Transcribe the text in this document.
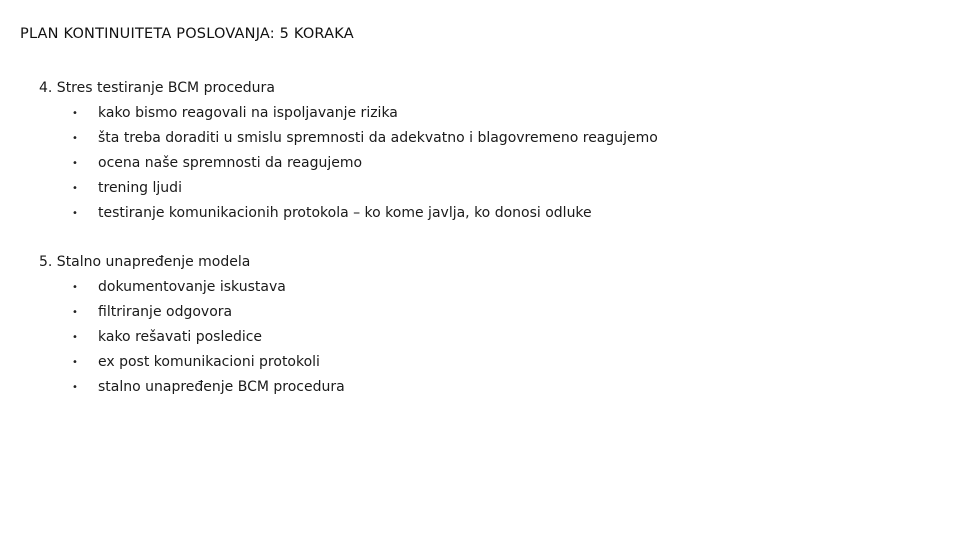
PLAN KONTINUITETA POSLOVANJA: 5 KORAKA
4. Stres testiranje BCM procedura
• kako bismo reagovali na ispoljavanje rizika
• šta treba doraditi u smislu spremnosti da adekvatno i blagovremeno reagujemo
• ocena naše spremnosti da reagujemo
• trening ljudi
• testiranje komunikacionih protokola – ko kome javlja, ko donosi odluke
5. Stalno unapređenje modela
• dokumentovanje iskustava
• filtriranje odgovora
• kako rešavati posledice
• ex post komunikacioni protokoli
• stalno unapređenje BCM procedura
